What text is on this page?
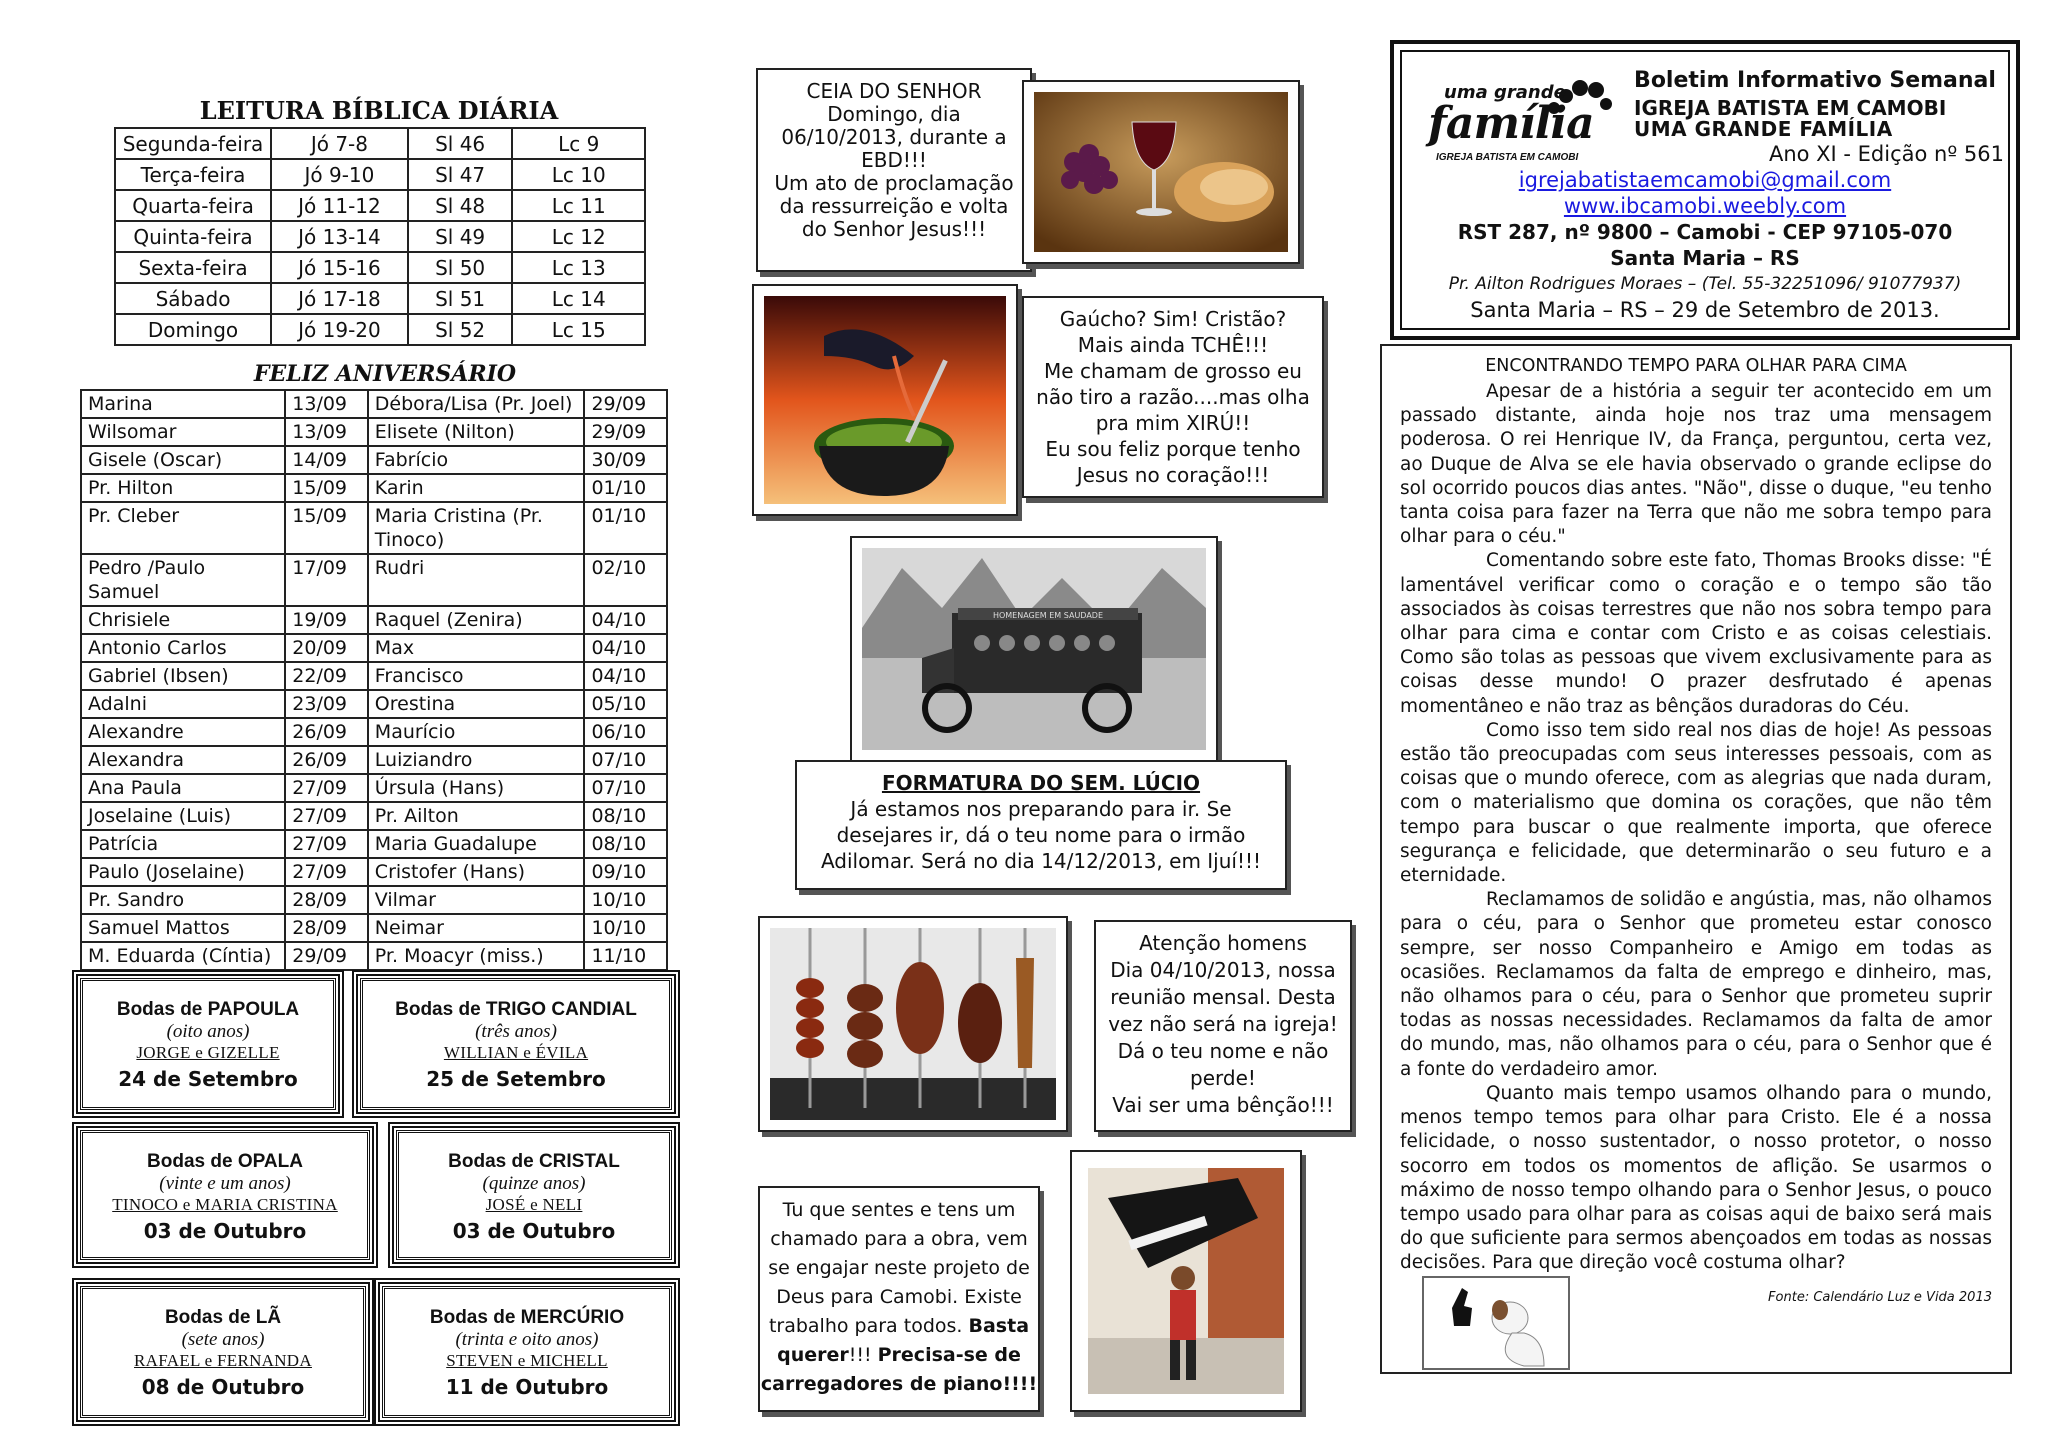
LEITURA BÍBLICA DIÁRIA
Segunda-feira	Jó 7-8	Sl 46	Lc 9
Terça-feira	Jó 9-10	Sl 47	Lc 10
Quarta-feira	Jó 11-12	Sl 48	Lc 11
Quinta-feira	Jó 13-14	Sl 49	Lc 12
Sexta-feira	Jó 15-16	Sl 50	Lc 13
Sábado	Jó 17-18	Sl 51	Lc 14
Domingo	Jó 19-20	Sl 52	Lc 15
FELIZ ANIVERSÁRIO
Marina	13/09	Débora/Lisa (Pr. Joel)	29/09
Wilsomar	13/09	Elisete (Nilton)	29/09
Gisele (Oscar)	14/09	Fabrício	30/09
Pr. Hilton	15/09	Karin	01/10
Pr. Cleber	15/09	Maria Cristina (Pr. Tinoco)	01/10
Pedro /Paulo Samuel	17/09	Rudri	02/10
Chrisiele	19/09	Raquel (Zenira)	04/10
Antonio Carlos	20/09	Max	04/10
Gabriel (Ibsen)	22/09	Francisco	04/10
Adalni	23/09	Orestina	05/10
Alexandre	26/09	Maurício	06/10
Alexandra	26/09	Luiziandro	07/10
Ana Paula	27/09	Úrsula (Hans)	07/10
Joselaine (Luis)	27/09	Pr. Ailton	08/10
Patrícia	27/09	Maria Guadalupe	08/10
Paulo (Joselaine)	27/09	Cristofer (Hans)	09/10
Pr. Sandro	28/09	Vilmar	10/10
Samuel Mattos	28/09	Neimar	10/10
M. Eduarda (Cíntia)	29/09	Pr. Moacyr (miss.)	11/10
Bodas de PAPOULA
(oito anos)
JORGE e GIZELLE
24 de Setembro
Bodas de TRIGO CANDIAL
(três anos)
WILLIAN e ÉVILA
25 de Setembro
Bodas de OPALA
(vinte e um anos)
TINOCO e MARIA CRISTINA
03 de Outubro
Bodas de CRISTAL
(quinze anos)
JOSÉ e NELI
03 de Outubro
Bodas de LÃ
(sete anos)
RAFAEL e FERNANDA
08 de Outubro
Bodas de MERCÚRIO
(trinta e oito anos)
STEVEN e MICHELL
11 de Outubro
CEIA DO SENHOR
Domingo, dia
06/10/2013, durante a
EBD!!!
Um ato de proclamação
da ressurreição e volta
do Senhor Jesus!!!
Gaúcho? Sim! Cristão?
Mais ainda TCHÊ!!!
Me chamam de grosso eu
não tiro a razão....mas olha
pra mim XIRÚ!!
Eu sou feliz porque tenho
Jesus no coração!!!
HOMENAGEM EM SAUDADE
FORMATURA DO SEM. LÚCIO
Já estamos nos preparando para ir. Se
desejares ir, dá o teu nome para o irmão
Adilomar. Será no dia 14/12/2013, em Ijuí!!!
Atenção homens
Dia 04/10/2013, nossa
reunião mensal. Desta
vez não será na igreja!
Dá o teu nome e não
perde!
Vai ser uma bênção!!!
Tu que sentes e tens um
chamado para a obra, vem
se engajar neste projeto de
Deus para Camobi. Existe
trabalho para todos. Basta
querer!!! Precisa-se de
carregadores de piano!!!!
uma grande
família
IGREJA BATISTA EM CAMOBI
Boletim Informativo Semanal
IGREJA BATISTA EM CAMOBI
UMA GRANDE FAMÍLIA
Ano XI - Edição nº 561
igrejabatistaemcamobi@gmail.com
www.ibcamobi.weebly.com
RST 287, nº 9800 – Camobi - CEP 97105-070
Santa Maria – RS
Pr. Ailton Rodrigues Moraes – (Tel. 55-32251096/ 91077937)
Santa Maria – RS – 29 de Setembro de 2013.
ENCONTRANDO TEMPO PARA OLHAR PARA CIMA

Apesar de a história a seguir ter acontecido em um passado distante, ainda hoje nos traz uma mensagem poderosa. O rei Henrique IV, da França, perguntou, certa vez, ao Duque de Alva se ele havia observado o grande eclipse do sol ocorrido poucos dias antes. "Não", disse o duque, "eu tenho tanta coisa para fazer na Terra que não me sobra tempo para olhar para o céu."

Comentando sobre este fato, Thomas Brooks disse: "É lamentável verificar como o coração e o tempo são tão associados às coisas terrestres que não nos sobra tempo para olhar para cima e contar com Cristo e as coisas celestiais. Como são tolas as pessoas que vivem exclusivamente para as coisas desse mundo! O prazer desfrutado é apenas momentâneo e não traz as bênçãos duradoras do Céu.

Como isso tem sido real nos dias de hoje! As pessoas estão tão preocupadas com seus interesses pessoais, com as coisas que o mundo oferece, com as alegrias que nada duram, com o materialismo que domina os corações, que não têm tempo para buscar o que realmente importa, que oferece segurança e felicidade, que determinarão o seu futuro e a eternidade.

Reclamamos de solidão e angústia, mas, não olhamos para o céu, para o Senhor que prometeu estar conosco sempre, ser nosso Companheiro e Amigo em todas as ocasiões. Reclamamos da falta de emprego e dinheiro, mas, não olhamos para o céu, para o Senhor que prometeu suprir todas as nossas necessidades. Reclamamos da falta de amor do mundo, mas, não olhamos para o céu, para o Senhor que é a fonte do verdadeiro amor.

Quanto mais tempo usamos olhando para o mundo, menos tempo temos para olhar para Cristo. Ele é a nossa felicidade, o nosso sustentador, o nosso protetor, o nosso socorro em todos os momentos de aflição. Se usarmos o máximo de nosso tempo olhando para o Senhor Jesus, o pouco tempo usado para olhar para as coisas aqui de baixo será mais do que suficiente para sermos abençoados em todas as nossas decisões. Para que direção você costuma olhar?

Fonte: Calendário Luz e Vida 2013
